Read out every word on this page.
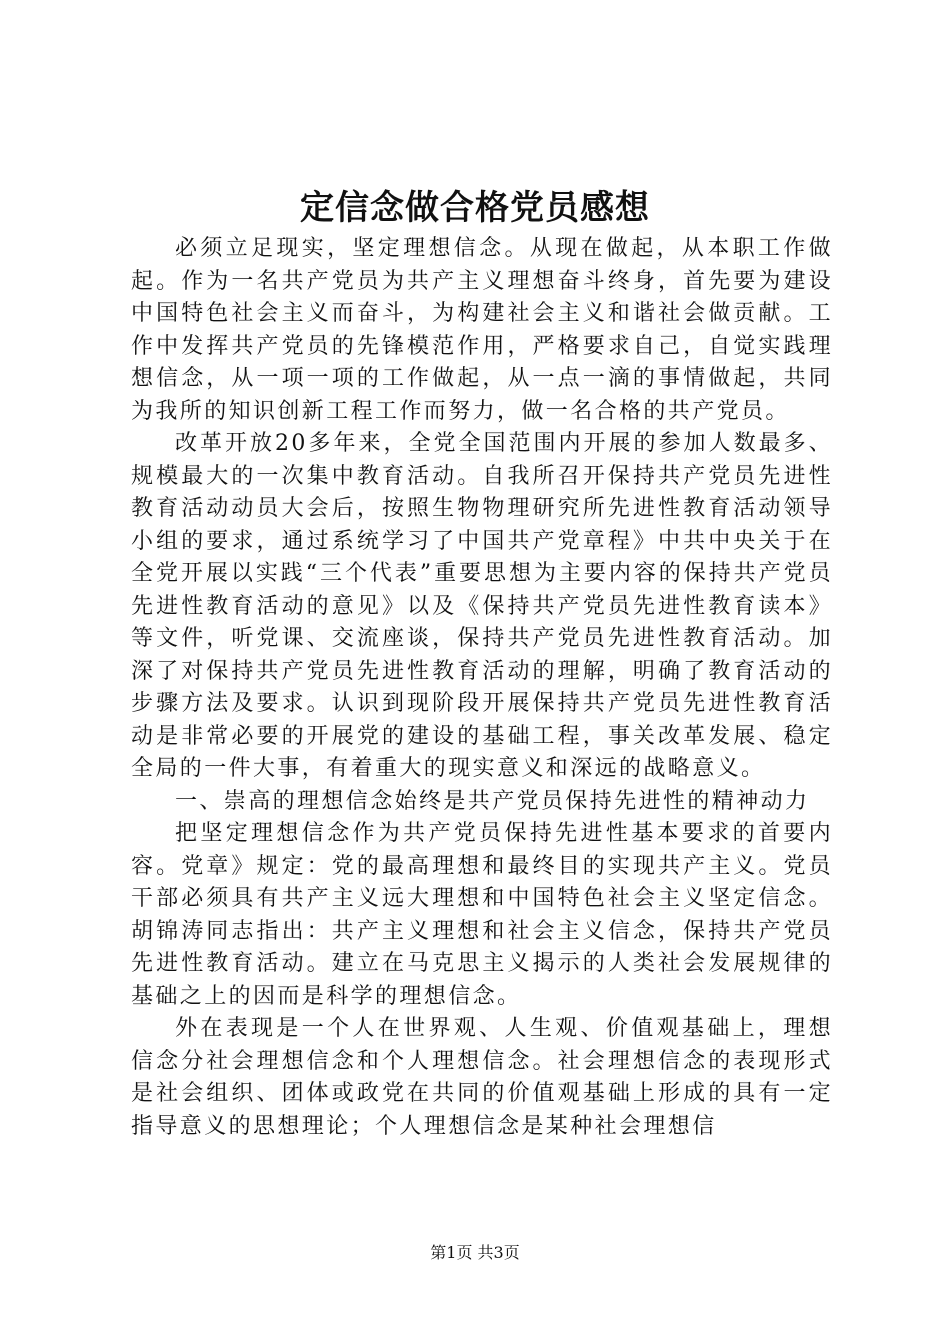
定信念做合格党员感想

必须立足现实，坚定理想信念。从现在做起，从本职工作做起。作为一名共产党员为共产主义理想奋斗终身，首先要为建设中国特色社会主义而奋斗，为构建社会主义和谐社会做贡献。工作中发挥共产党员的先锋模范作用，严格要求自己，自觉实践理想信念，从一项一项的工作做起，从一点一滴的事情做起，共同为我所的知识创新工程工作而努力，做一名合格的共产党员。

改革开放20多年来，全党全国范围内开展的参加人数最多、规模最大的一次集中教育活动。自我所召开保持共产党员先进性教育活动动员大会后，按照生物物理研究所先进性教育活动领导小组的要求，通过系统学习了中国共产党章程》中共中央关于在全党开展以实践“三个代表”重要思想为主要内容的保持共产党员先进性教育活动的意见》以及《保持共产党员先进性教育读本》等文件，听党课、交流座谈，保持共产党员先进性教育活动。加深了对保持共产党员先进性教育活动的理解，明确了教育活动的步骤方法及要求。认识到现阶段开展保持共产党员先进性教育活动是非常必要的开展党的建设的基础工程，事关改革发展、稳定全局的一件大事，有着重大的现实意义和深远的战略意义。

一、崇高的理想信念始终是共产党员保持先进性的精神动力

把坚定理想信念作为共产党员保持先进性基本要求的首要内容。党章》规定：党的最高理想和最终目的实现共产主义。党员干部必须具有共产主义远大理想和中国特色社会主义坚定信念。胡锦涛同志指出：共产主义理想和社会主义信念，保持共产党员先进性教育活动。建立在马克思主义揭示的人类社会发展规律的基础之上的因而是科学的理想信念。

外在表现是一个人在世界观、人生观、价值观基础上，理想信念分社会理想信念和个人理想信念。社会理想信念的表现形式是社会组织、团体或政党在共同的价值观基础上形成的具有一定指导意义的思想理论；个人理想信念是某种社会理想信

第1页 共3页
